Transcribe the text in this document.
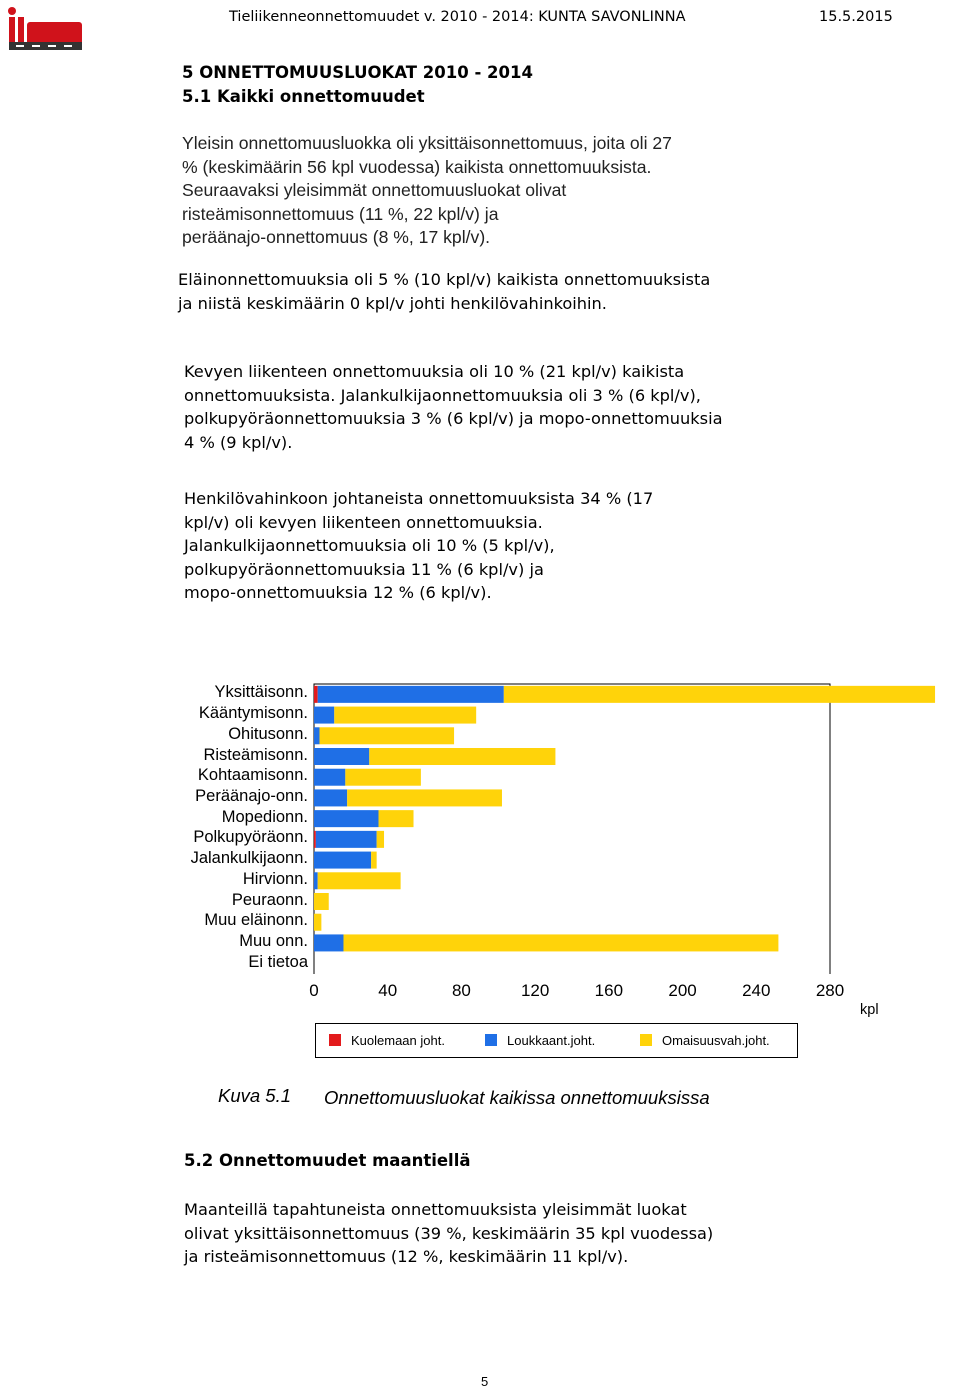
Tieliikenneonnettomuudet v. 2010 - 2014: KUNTA SAVONLINNA	15.5.2015
5 ONNETTOMUUSLUOKAT 2010 - 2014
5.1 Kaikki onnettomuudet
Yleisin onnettomuusluokka oli yksittäisonnettomuus, joita oli 27
% (keskimäärin 56 kpl vuodessa) kaikista onnettomuuksista.
Seuraavaksi yleisimmät onnettomuusluokat olivat
risteämisonnettomuus (11 %, 22 kpl/v) ja
peräänajo-onnettomuus (8 %, 17 kpl/v).
Eläinonnettomuuksia oli 5 % (10 kpl/v) kaikista onnettomuuksista
ja niistä keskimäärin 0 kpl/v johti henkilövahinkoihin.
Kevyen liikenteen onnettomuuksia oli 10 % (21 kpl/v) kaikista
onnettomuuksista. Jalankulkijaonnettomuuksia oli 3 % (6 kpl/v),
polkupyöräonnettomuuksia 3 % (6 kpl/v) ja mopo-onnettomuuksia
4 % (9 kpl/v).
Henkilövahinkoon johtaneista onnettomuuksista 34 % (17
kpl/v) oli kevyen liikenteen onnettomuuksia.
Jalankulkijaonnettomuuksia oli 10 % (5 kpl/v),
polkupyöräonnettomuuksia 11 % (6 kpl/v) ja
mopo-onnettomuuksia 12 % (6 kpl/v).
kpl
Kuolemaan joht.	Loukkaant.joht.	Omaisuusvah.joht.
Kuva 5.1 Onnettomuusluokat kaikissa onnettomuuksissa
5.2 Onnettomuudet maantiellä
Maanteillä tapahtuneista onnettomuuksista yleisimmät luokat
olivat yksittäisonnettomuus (39 %, keskimäärin 35 kpl vuodessa)
ja risteämisonnettomuus (12 %, keskimäärin 11 kpl/v).
5
Yksittäisonn.
Kääntymisonn.
Ohitusonn.
Risteämisonn.
Kohtaamisonn.
Peräänajo-onn.
Mopedionn.
Polkupyöräonn.
Jalankulkijaonn.
Hirvionn.
Peuraonn.
Muu eläinonn.
Muu onn.
Ei tietoa
0	40	80	120	160	200	240	280
